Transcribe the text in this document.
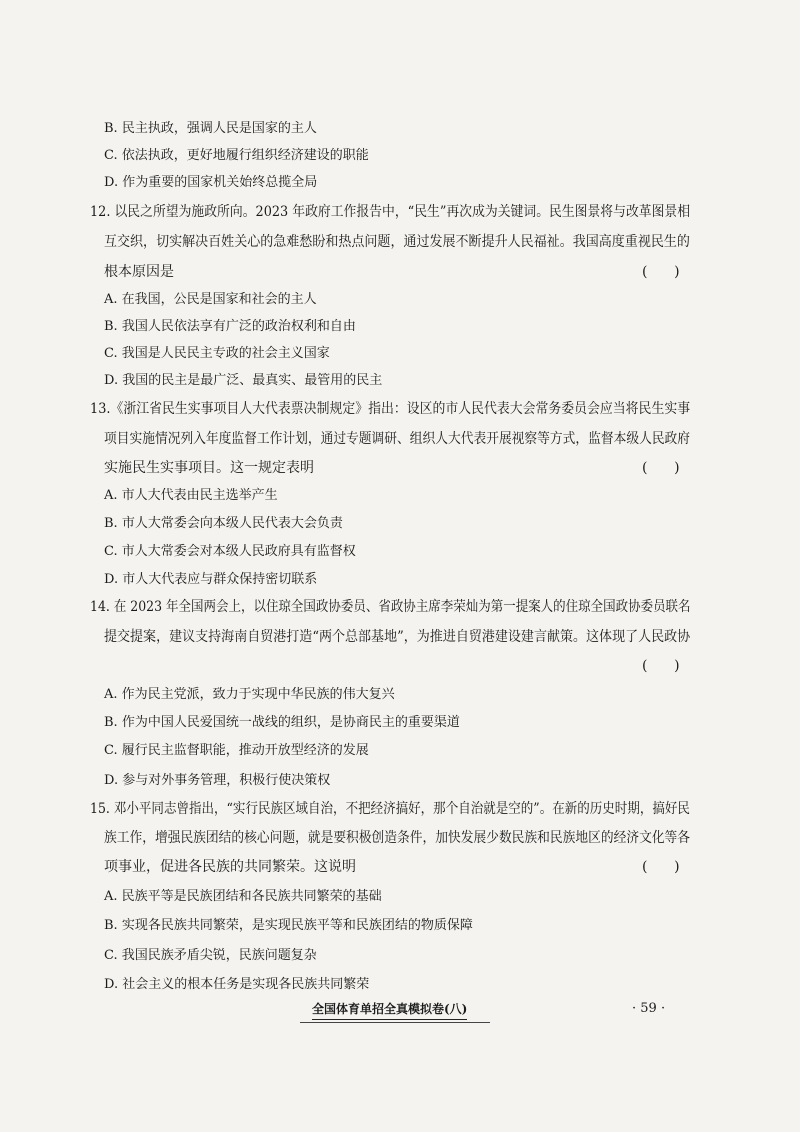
B. 民主执政，强调人民是国家的主人
C. 依法执政，更好地履行组织经济建设的职能
D. 作为重要的国家机关始终总揽全局
12. 以民之所望为施政所向。2023 年政府工作报告中，“民生”再次成为关键词。民生图景将与改革图景相
互交织，切实解决百姓关心的急难愁盼和热点问题，通过发展不断提升人民福祉。我国高度重视民生的
根本原因是	(      )
A. 在我国，公民是国家和社会的主人
B. 我国人民依法享有广泛的政治权利和自由
C. 我国是人民民主专政的社会主义国家
D. 我国的民主是最广泛、最真实、最管用的民主
13.《浙江省民生实事项目人大代表票决制规定》指出：设区的市人民代表大会常务委员会应当将民生实事
项目实施情况列入年度监督工作计划，通过专题调研、组织人大代表开展视察等方式，监督本级人民政府
实施民生实事项目。这一规定表明	(      )
A. 市人大代表由民主选举产生
B. 市人大常委会向本级人民代表大会负责
C. 市人大常委会对本级人民政府具有监督权
D. 市人大代表应与群众保持密切联系
14. 在 2023 年全国两会上，以住琼全国政协委员、省政协主席李荣灿为第一提案人的住琼全国政协委员联名
提交提案，建议支持海南自贸港打造“两个总部基地”，为推进自贸港建设建言献策。这体现了人民政协
(      )
A. 作为民主党派，致力于实现中华民族的伟大复兴
B. 作为中国人民爱国统一战线的组织，是协商民主的重要渠道
C. 履行民主监督职能，推动开放型经济的发展
D. 参与对外事务管理，积极行使决策权
15. 邓小平同志曾指出，“实行民族区域自治，不把经济搞好，那个自治就是空的”。在新的历史时期，搞好民
族工作，增强民族团结的核心问题，就是要积极创造条件，加快发展少数民族和民族地区的经济文化等各
项事业，促进各民族的共同繁荣。这说明	(      )
A. 民族平等是民族团结和各民族共同繁荣的基础
B. 实现各民族共同繁荣，是实现民族平等和民族团结的物质保障
C. 我国民族矛盾尖锐，民族问题复杂
D. 社会主义的根本任务是实现各民族共同繁荣
全国体育单招全真模拟卷(八)	· 59 ·
